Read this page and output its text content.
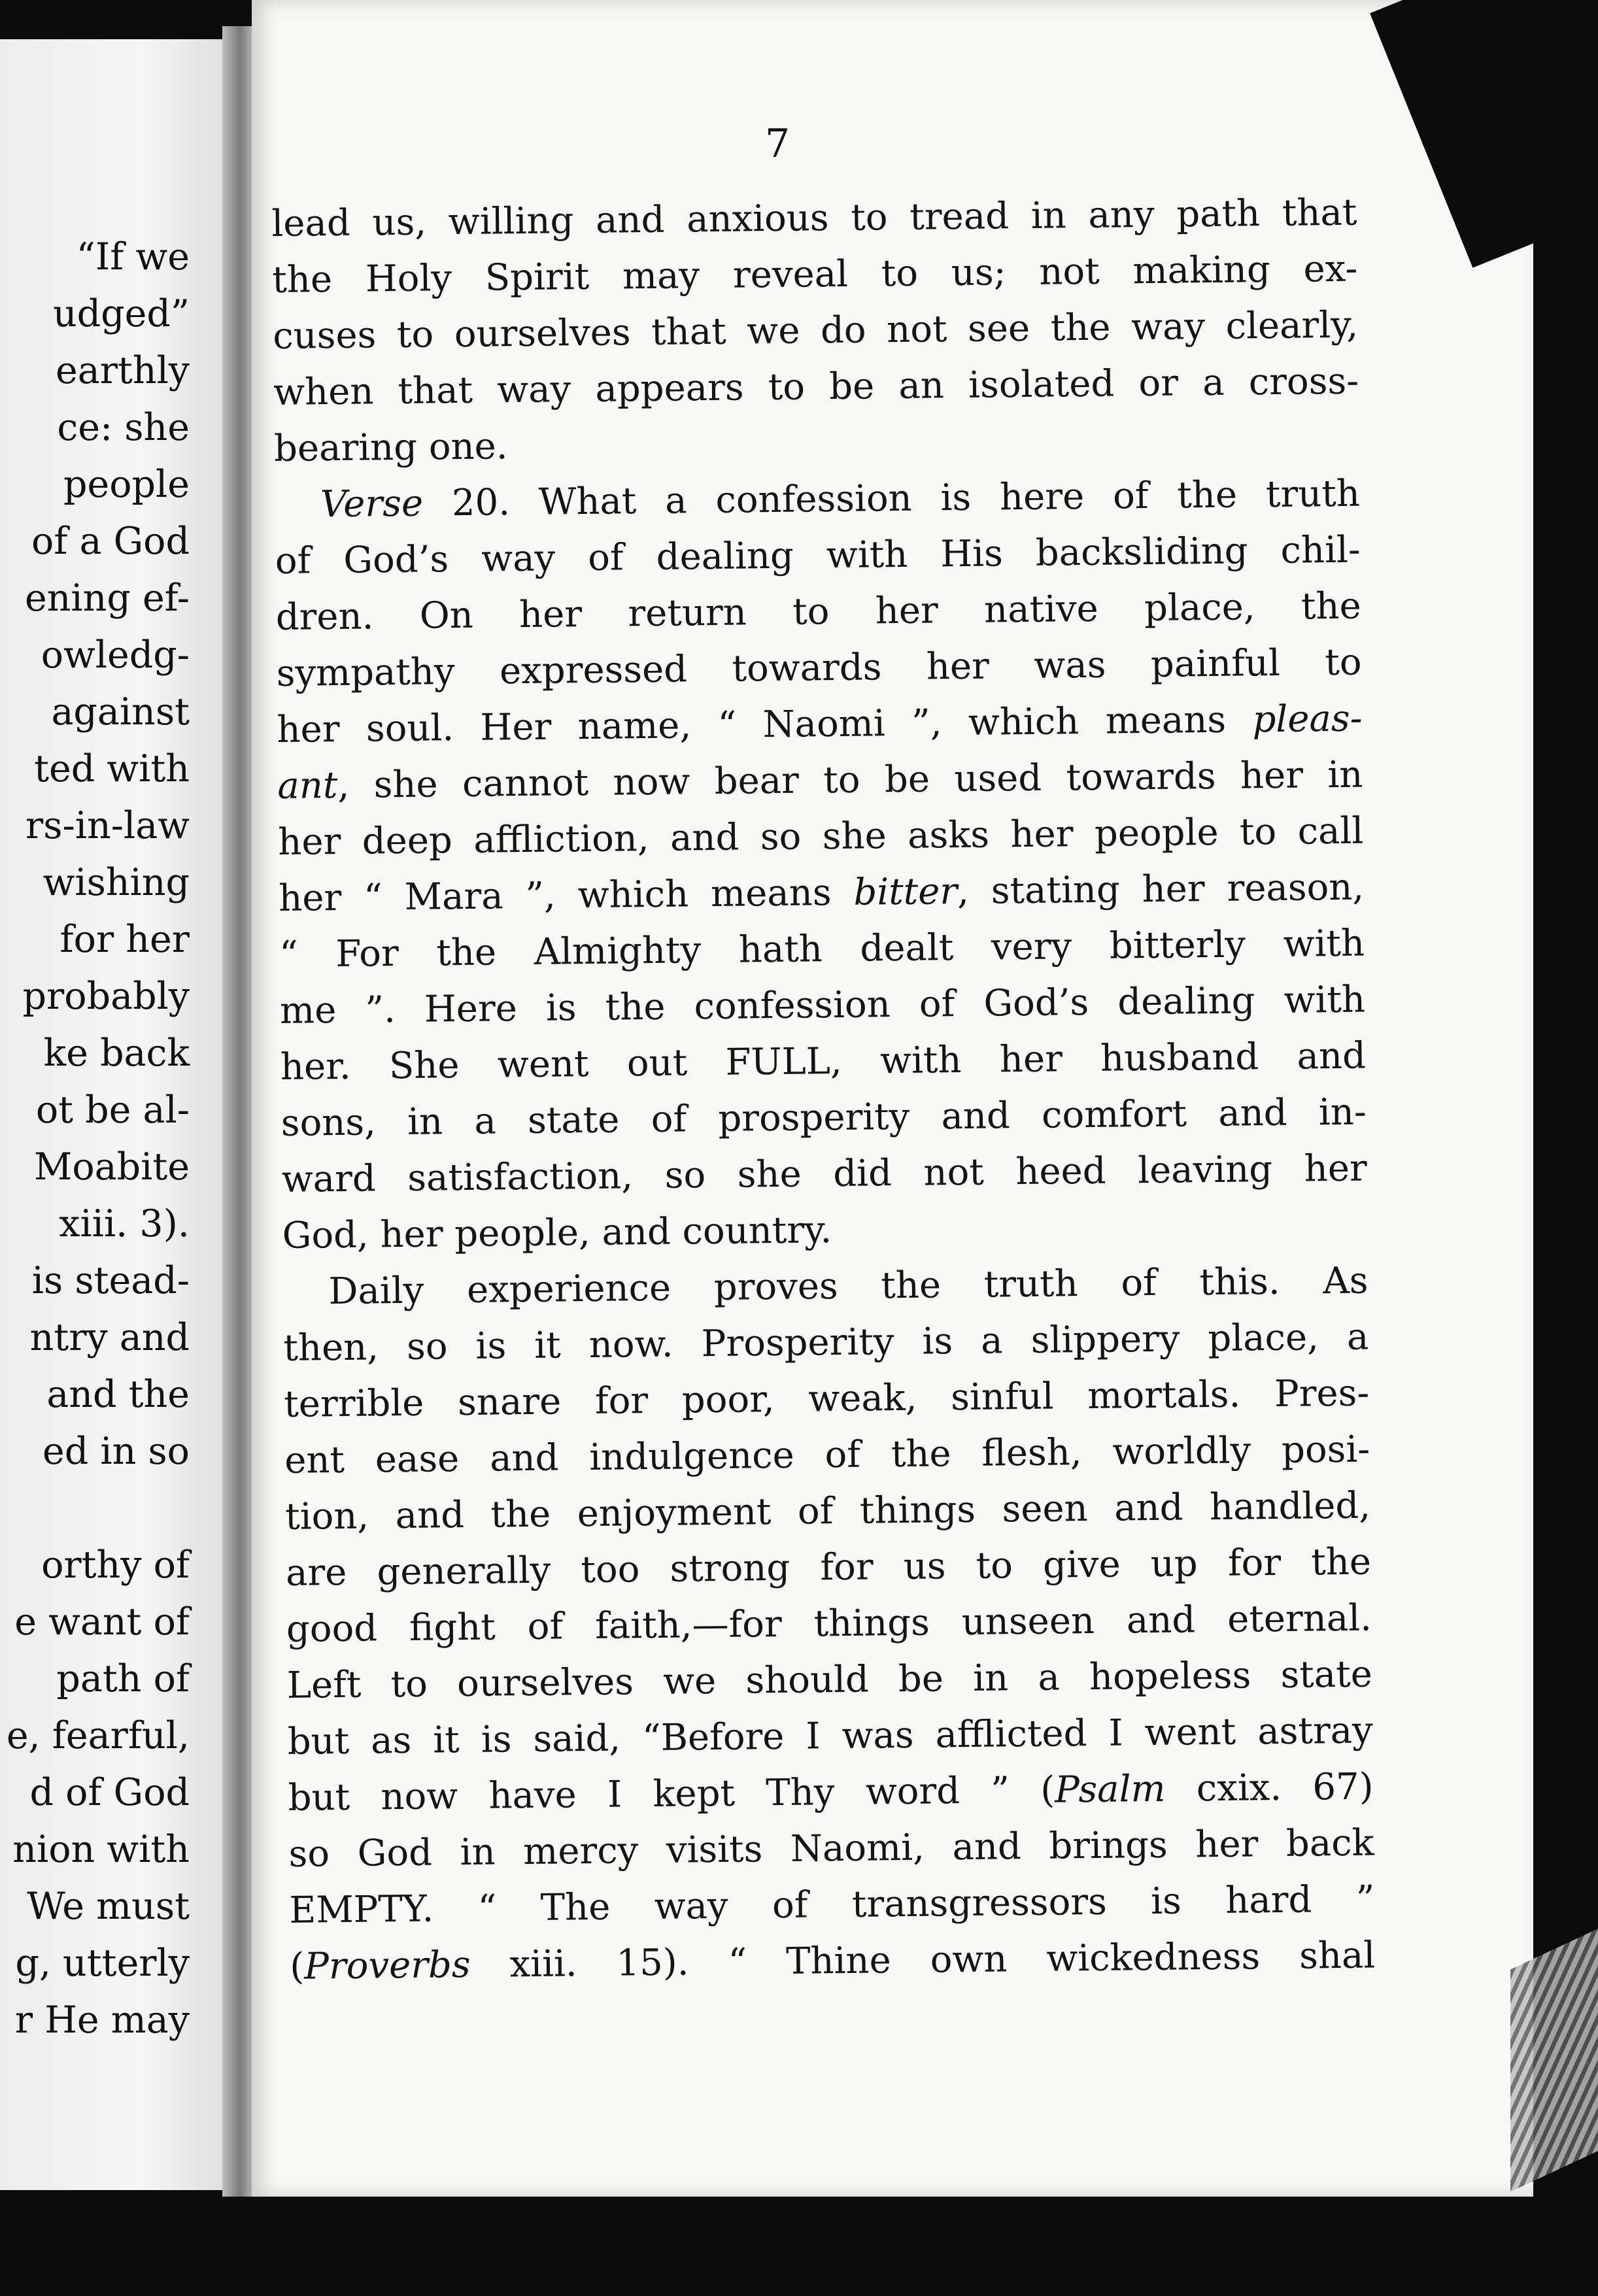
“If we
udged”
earthly
ce: she
people
of a God
ening ef-
owledg-
against
ted with
rs-in-law
wishing
for her
probably
ke back
ot be al-
Moabite
xiii. 3).
is stead-
ntry and
and the
ed in so
orthy of
e want of
path of
e, fearful,
d of God
nion with
We must
g, utterly
r He may
7
lead us, willing and anxious to tread in any path that
the Holy Spirit may reveal to us; not making ex-
cuses to ourselves that we do not see the way clearly,
when that way appears to be an isolated or a cross-
bearing one.
Verse 20. What a confession is here of the truth
of God’s way of dealing with His backsliding chil-
dren. On her return to her native place, the
sympathy expressed towards her was painful to
her soul. Her name, “ Naomi ”, which means pleas-
ant, she cannot now bear to be used towards her in
her deep affliction, and so she asks her people to call
her “ Mara ”, which means bitter, stating her reason,
“ For the Almighty hath dealt very bitterly with
me ”. Here is the confession of God’s dealing with
her. She went out FULL, with her husband and
sons, in a state of prosperity and comfort and in-
ward satisfaction, so she did not heed leaving her
God, her people, and country.
Daily experience proves the truth of this. As
then, so is it now. Prosperity is a slippery place, a
terrible snare for poor, weak, sinful mortals. Pres-
ent ease and indulgence of the flesh, worldly posi-
tion, and the enjoyment of things seen and handled,
are generally too strong for us to give up for the
good fight of faith,—for things unseen and eternal.
Left to ourselves we should be in a hopeless state
but as it is said, “Before I was afflicted I went astray
but now have I kept Thy word ” (Psalm cxix. 67)
so God in mercy visits Naomi, and brings her back
EMPTY. “ The way of transgressors is hard ”
(Proverbs xiii. 15). “ Thine own wickedness shal
